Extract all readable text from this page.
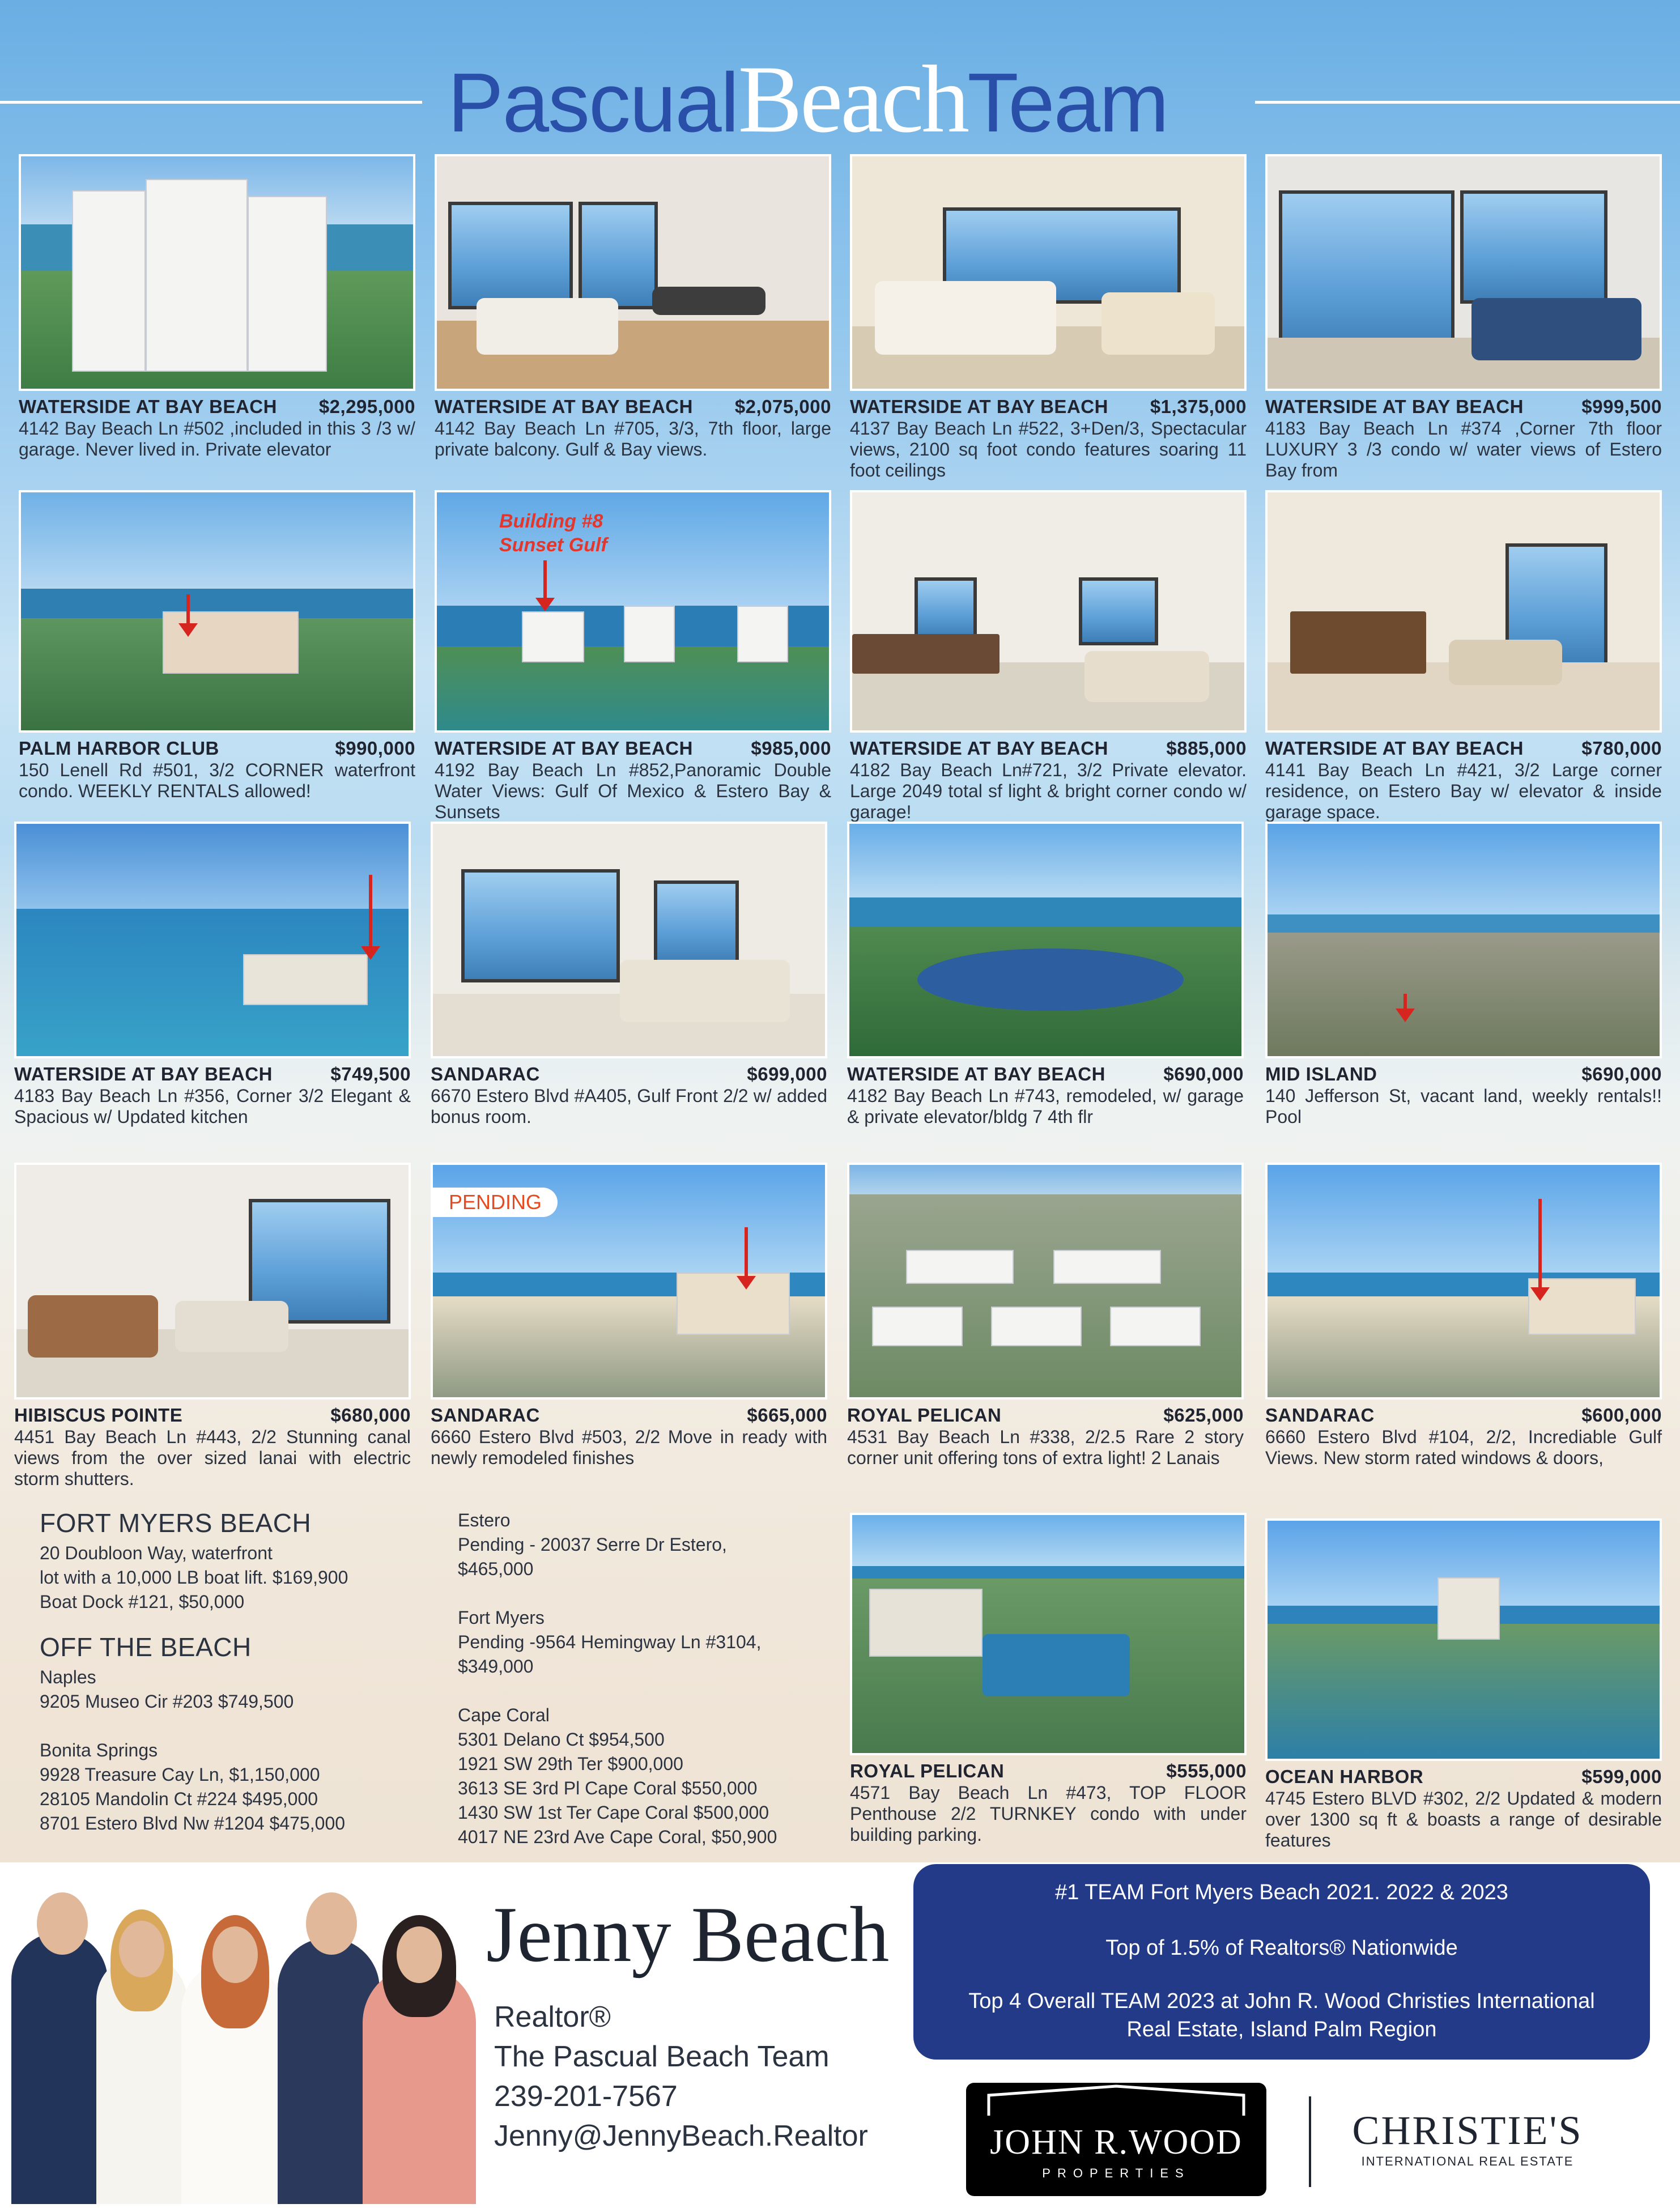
PascualBeachTeam
WATERSIDE AT BAY BEACH $2,295,000
4142 Bay Beach Ln #502 ,included in this 3 /3 w/ garage. Never lived in. Private elevator
WATERSIDE AT BAY BEACH $2,075,000
4142 Bay Beach Ln #705, 3/3, 7th floor, large private balcony. Gulf & Bay views.
WATERSIDE AT BAY BEACH $1,375,000
4137 Bay Beach Ln #522, 3+Den/3, Spectacular views, 2100 sq foot condo features soaring 11 foot ceilings
WATERSIDE AT BAY BEACH	$999,500
4183 Bay Beach Ln #374 ,Corner 7th floor LUXURY 3 /3 condo w/ water views of Estero Bay from
PALM HARBOR CLUB	$990,000
150 Lenell Rd #501, 3/2 CORNER waterfront condo. WEEKLY RENTALS allowed!
Building #8
Sunset Gulf
WATERSIDE AT BAY BEACH	$985,000
4192 Bay Beach Ln #852,Panoramic Double Water Views: Gulf Of Mexico & Estero Bay & Sunsets
WATERSIDE AT BAY BEACH	$885,000
4182 Bay Beach Ln#721, 3/2 Private elevator. Large 2049 total sf light & bright corner condo w/ garage!
WATERSIDE AT BAY BEACH	$780,000
4141 Bay Beach Ln #421, 3/2 Large corner residence, on Estero Bay w/ elevator & inside garage space.
WATERSIDE AT BAY BEACH	$749,500
4183 Bay Beach Ln #356, Corner 3/2 Elegant & Spacious w/ Updated kitchen
SANDARAC	$699,000
6670 Estero Blvd #A405, Gulf Front 2/2 w/ added bonus room.
WATERSIDE AT BAY BEACH	$690,000
4182 Bay Beach Ln #743, remodeled, w/ garage & private elevator/bldg 7 4th flr
MID ISLAND	$690,000
140 Jefferson St, vacant land, weekly rentals!! Pool
HIBISCUS POINTE	$680,000
4451 Bay Beach Ln #443, 2/2 Stunning canal views from the over sized lanai with electric storm shutters.
PENDING
SANDARAC	$665,000
6660 Estero Blvd #503, 2/2 Move in ready with newly remodeled finishes
ROYAL PELICAN	$625,000
4531 Bay Beach Ln #338, 2/2.5 Rare 2 story corner unit offering tons of extra light! 2 Lanais
SANDARAC	$600,000
6660 Estero Blvd #104, 2/2, Incrediable Gulf Views. New storm rated windows & doors,
FORT MYERS BEACH
20 Doubloon Way, waterfront
lot with a 10,000 LB boat lift. $169,900
Boat Dock #121, $50,000
OFF THE BEACH
Naples
9205 Museo Cir #203 $749,500
Bonita Springs
9928 Treasure Cay Ln, $1,150,000
28105 Mandolin Ct #224 $495,000
8701 Estero Blvd Nw #1204 $475,000
Estero
Pending - 20037 Serre Dr Estero,
$465,000
Fort Myers
Pending -9564 Hemingway Ln #3104,
$349,000
Cape Coral
5301 Delano Ct $954,500
1921 SW 29th Ter $900,000
3613 SE 3rd Pl Cape Coral $550,000
1430 SW 1st Ter Cape Coral $500,000
4017 NE 23rd Ave Cape Coral, $50,900
ROYAL PELICAN	$555,000
4571 Bay Beach Ln #473, TOP FLOOR Penthouse 2/2 TURNKEY condo with under building parking.
OCEAN HARBOR	$599,000
4745 Estero BLVD #302, 2/2 Updated & modern over 1300 sq ft & boasts a range of desirable features
Jenny Beach
Realtor®
The Pascual Beach Team
239-201-7567
Jenny@JennyBeach.Realtor
#1 TEAM Fort Myers Beach 2021. 2022 & 2023
Top of 1.5% of Realtors® Nationwide
Top 4 Overall TEAM 2023 at John R. Wood Christies International
Real Estate, Island Palm Region
JOHN R.WOOD
PROPERTIES
CHRISTIE'S
INTERNATIONAL REAL ESTATE
